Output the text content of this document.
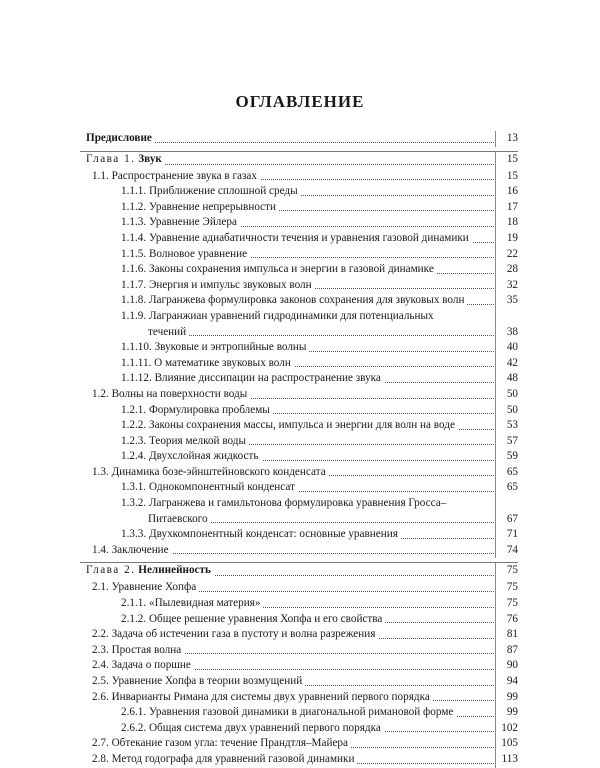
ОГЛАВЛЕНИЕ
Предисловие	13
Глава 1. Звук	15
1.1. Распространение звука в газах	15
1.1.1. Приближение сплошной среды	16
1.1.2. Уравнение непрерывности	17
1.1.3. Уравнение Эйлера	18
1.1.4. Уравнение адиабатичности течения и уравнения газовой динамики	19
1.1.5. Волновое уравнение	22
1.1.6. Законы сохранения импульса и энергии в газовой динамике	28
1.1.7. Энергия и импульс звуковых волн	32
1.1.8. Лагранжева формулировка законов сохранения для звуковых волн	35
1.1.9. Лагранжиан уравнений гидродинамики для потенциальных
течений	38
1.1.10. Звуковые и энтропийные волны	40
1.1.11. О математике звуковых волн	42
1.1.12. Влияние диссипации на распространение звука	48
1.2. Волны на поверхности воды	50
1.2.1. Формулировка проблемы	50
1.2.2. Законы сохранения массы, импульса и энергии для волн на воде	53
1.2.3. Теория мелкой воды	57
1.2.4. Двухслойная жидкость	59
1.3. Динамика бозе-эйнштейновского конденсата	65
1.3.1. Однокомпонентный конденсат	65
1.3.2. Лагранжева и гамильтонова формулировка уравнения Гросса–
Питаевского	67
1.3.3. Двухкомпонентный конденсат: основные уравнения	71
1.4. Заключение	74
Глава 2. Нелинейность	75
2.1. Уравнение Хопфа	75
2.1.1. «Пылевидная материя»	75
2.1.2. Общее решение уравнения Хопфа и его свойства	76
2.2. Задача об истечении газа в пустоту и волна разрежения	81
2.3. Простая волна	87
2.4. Задача о поршне	90
2.5. Уравнение Хопфа в теории возмущений	94
2.6. Инварианты Римана для системы двух уравнений первого порядка	99
2.6.1. Уравнения газовой динамики в диагональной римановой форме	99
2.6.2. Общая система двух уравнений первого порядка	102
2.7. Обтекание газом угла: течение Прандтля–Майера	105
2.8. Метод годографа для уравнений газовой динамики	113
